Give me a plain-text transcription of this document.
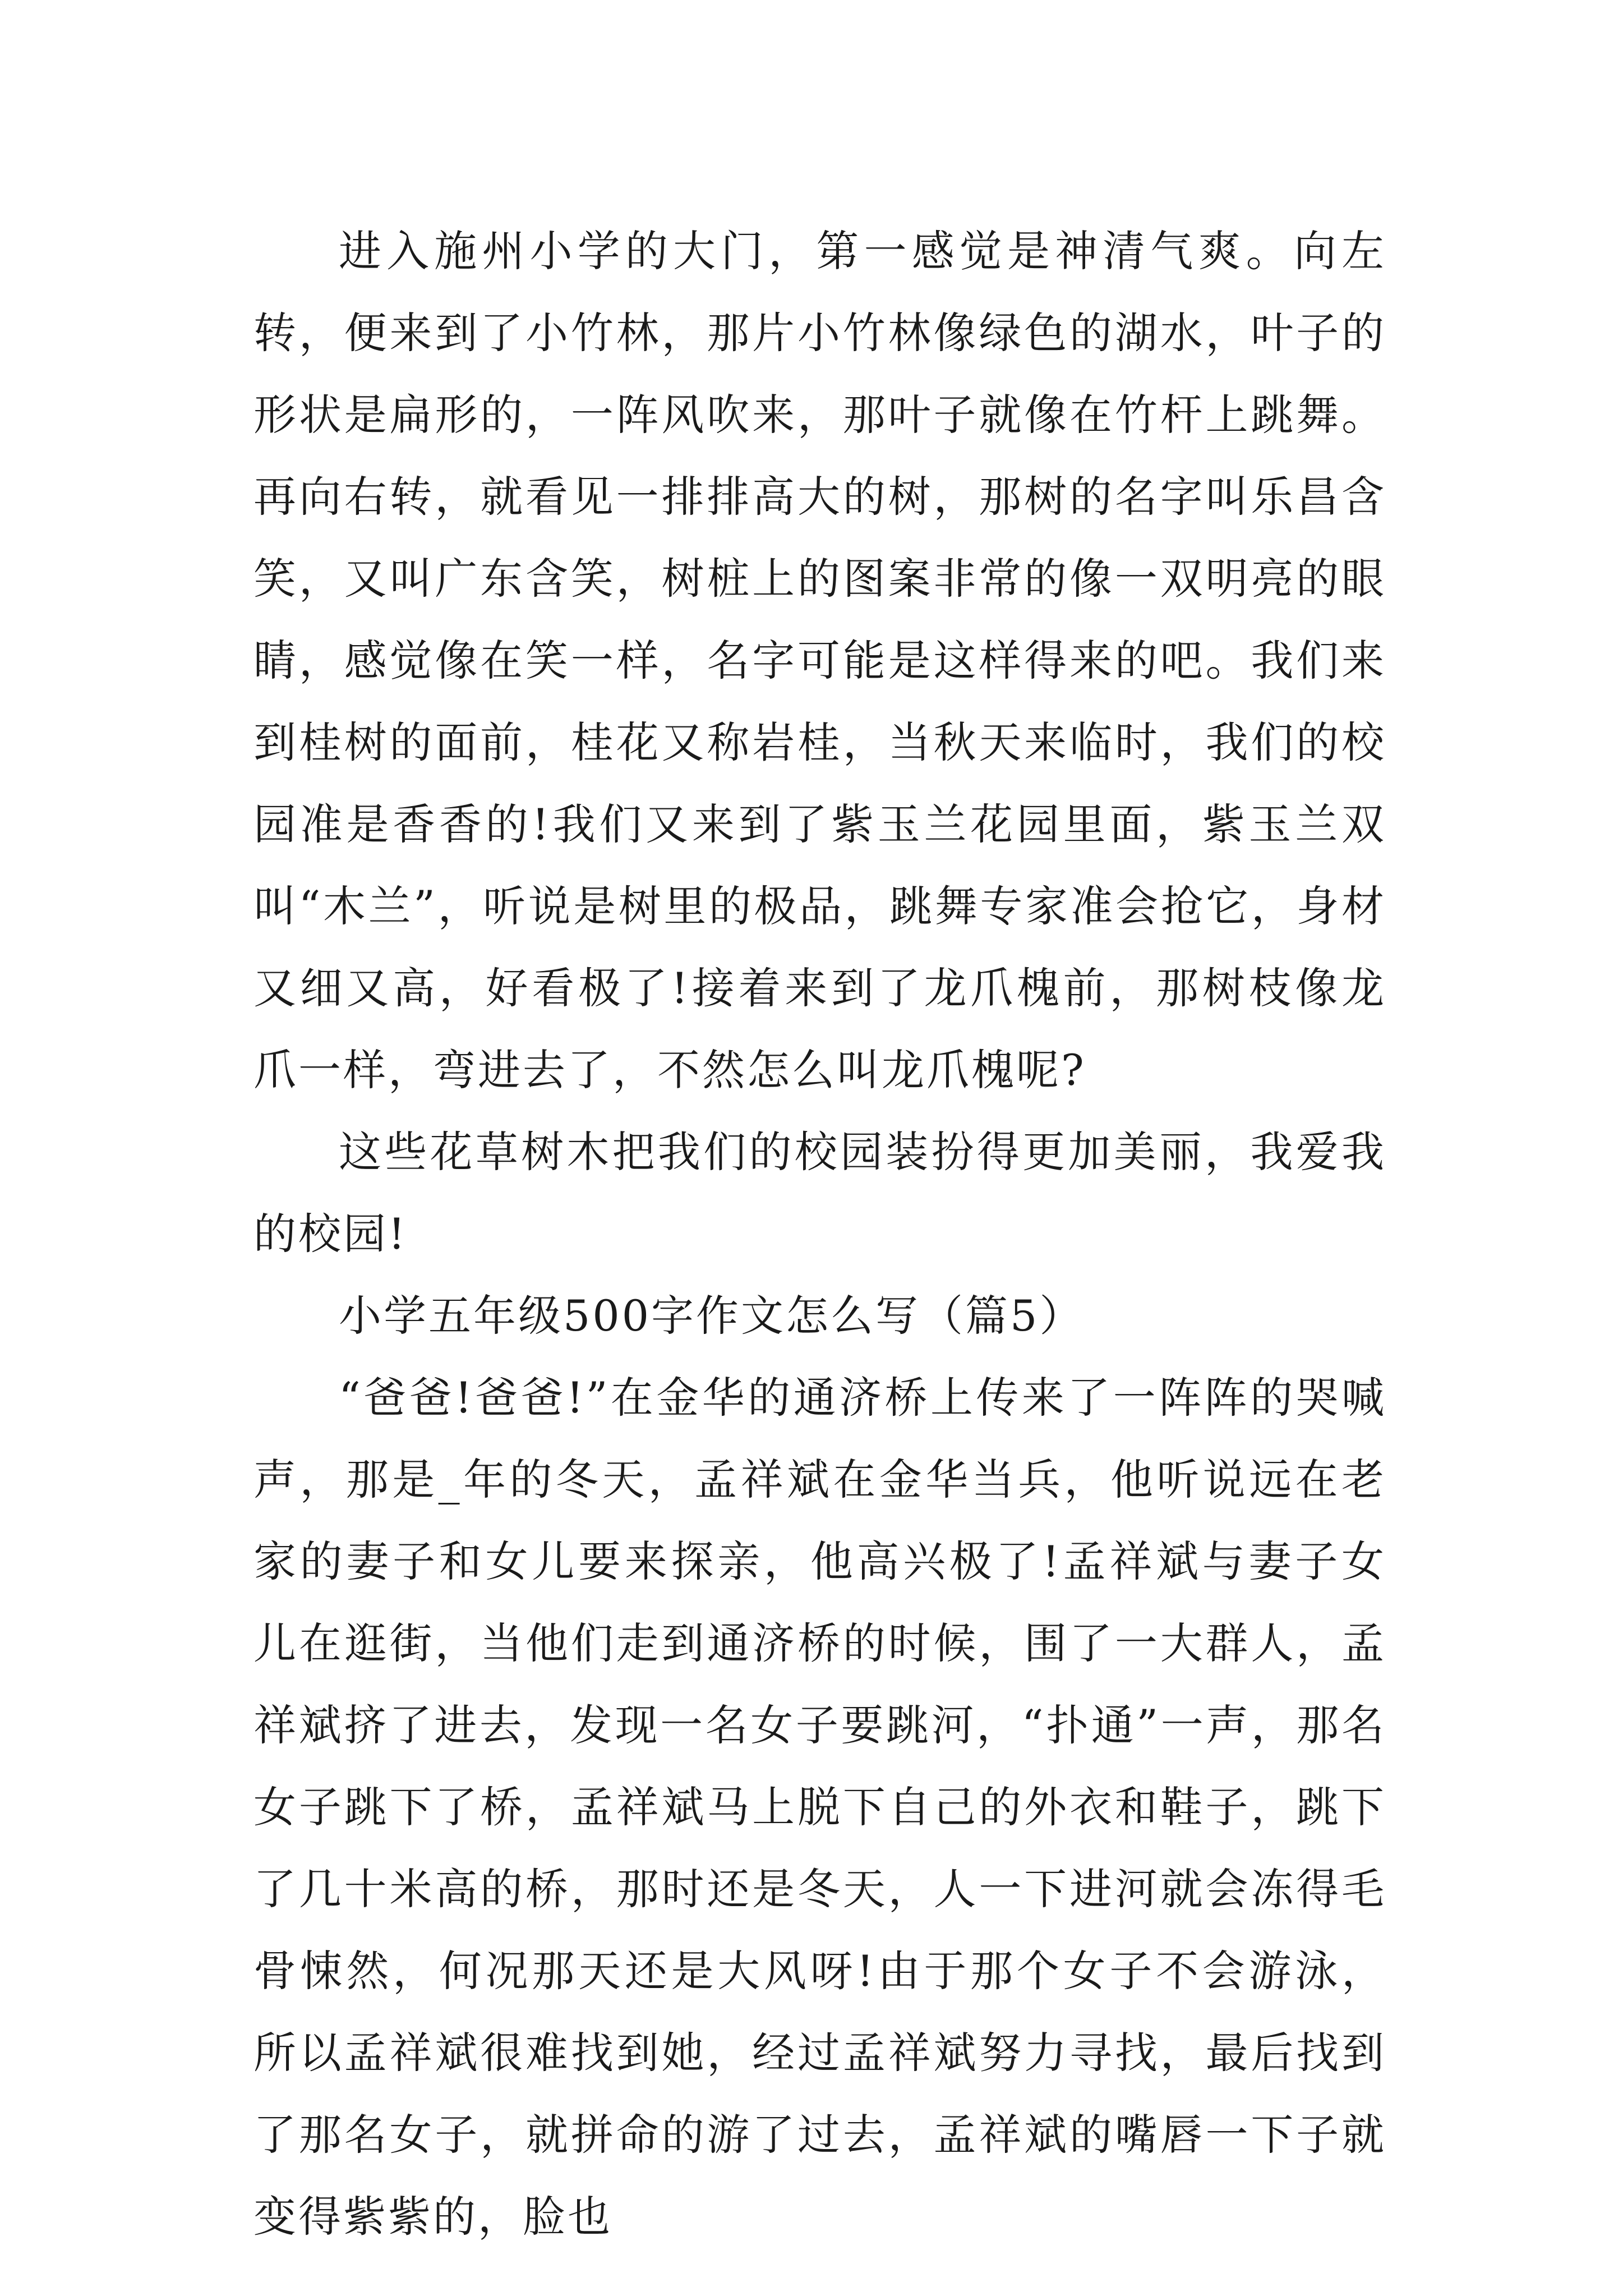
进入施州小学的大门，第一感觉是神清气爽。向左转，便来到了小竹林，那片小竹林像绿色的湖水，叶子的形状是扁形的，一阵风吹来，那叶子就像在竹杆上跳舞。再向右转，就看见一排排高大的树，那树的名字叫乐昌含笑，又叫广东含笑，树桩上的图案非常的像一双明亮的眼睛，感觉像在笑一样，名字可能是这样得来的吧。我们来到桂树的面前，桂花又称岩桂，当秋天来临时，我们的校园准是香香的!我们又来到了紫玉兰花园里面，紫玉兰双叫“木兰”，听说是树里的极品，跳舞专家准会抢它，身材又细又高，好看极了!接着来到了龙爪槐前，那树枝像龙爪一样，弯进去了，不然怎么叫龙爪槐呢?

这些花草树木把我们的校园装扮得更加美丽，我爱我的校园!

小学五年级500字作文怎么写（篇5）

“爸爸!爸爸!”在金华的通济桥上传来了一阵阵的哭喊声，那是_年的冬天，孟祥斌在金华当兵，他听说远在老家的妻子和女儿要来探亲，他高兴极了!孟祥斌与妻子女儿在逛街，当他们走到通济桥的时候，围了一大群人，孟祥斌挤了进去，发现一名女子要跳河，“扑通”一声，那名女子跳下了桥，孟祥斌马上脱下自己的外衣和鞋子，跳下了几十米高的桥，那时还是冬天，人一下进河就会冻得毛骨悚然，何况那天还是大风呀!由于那个女子不会游泳，所以孟祥斌很难找到她，经过孟祥斌努力寻找，最后找到了那名女子，就拼命的游了过去，孟祥斌的嘴唇一下子就变得紫紫的，脸也
